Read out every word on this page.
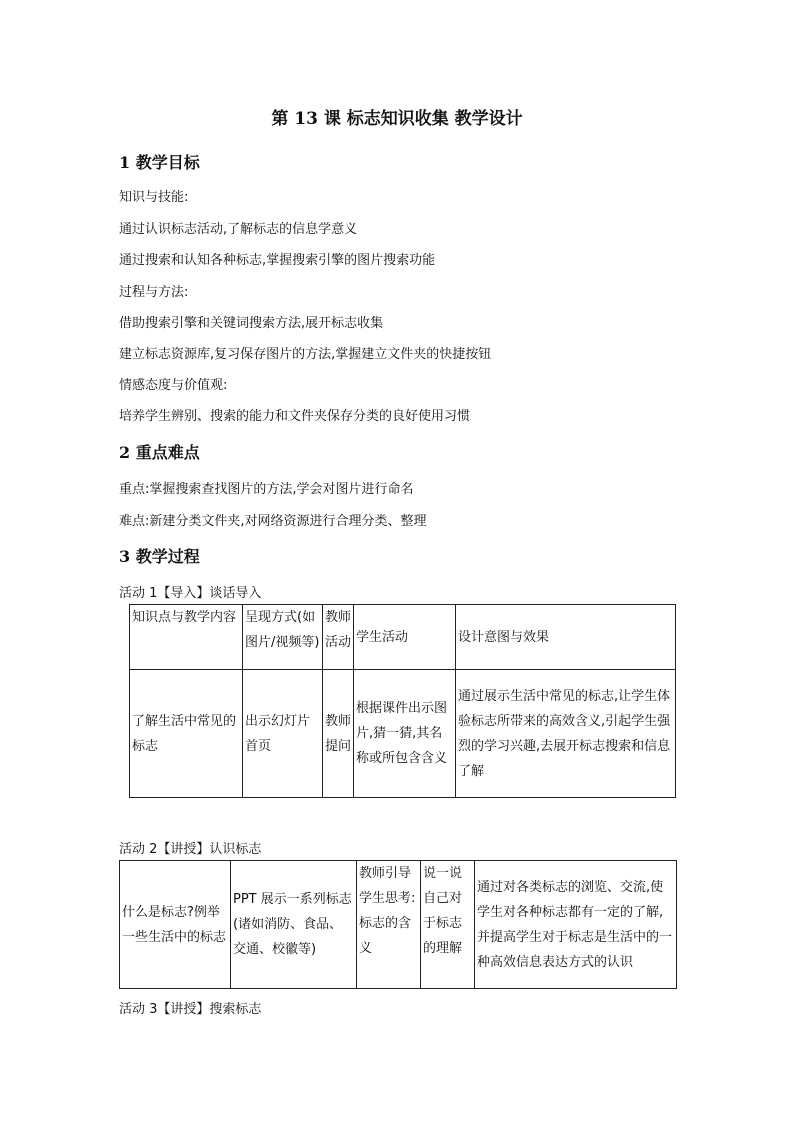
第 13 课 标志知识收集 教学设计
1 教学目标
知识与技能:
通过认识标志活动,了解标志的信息学意义
通过搜索和认知各种标志,掌握搜索引擎的图片搜索功能
过程与方法:
借助搜索引擎和关键词搜索方法,展开标志收集
建立标志资源库,复习保存图片的方法,掌握建立文件夹的快捷按钮
情感态度与价值观:
培养学生辨别、搜索的能力和文件夹保存分类的良好使用习惯
2 重点难点
重点:掌握搜索查找图片的方法,学会对图片进行命名
难点:新建分类文件夹,对网络资源进行合理分类、整理
3 教学过程
活动 1【导入】谈话导入
知识点与教学内容	呈现方式(如图片/视频等)	教师活动	学生活动	设计意图与效果
了解生活中常见的标志	出示幻灯片首页	教师提问	根据课件出示图片,猜一猜,其名称或所包含含义	通过展示生活中常见的标志,让学生体验标志所带来的高效含义,引起学生强烈的学习兴趣,去展开标志搜索和信息了解
活动 2【讲授】认识标志
什么是标志?例举一些生活中的标志	PPT 展示一系列标志(诸如消防、食品、交通、校徽等)	教师引导学生思考:标志的含义	说一说自己对于标志的理解	通过对各类标志的浏览、交流,使学生对各种标志都有一定的了解,并提高学生对于标志是生活中的一种高效信息表达方式的认识
活动 3【讲授】搜索标志
